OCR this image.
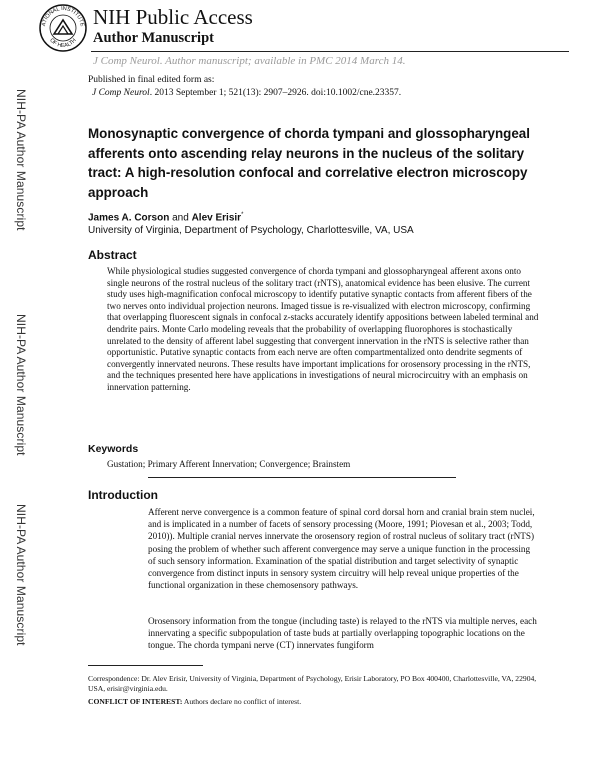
ATIONAL INSTITUTE
OF HEALTH
NIH Public Access
Author Manuscript
J Comp Neurol. Author manuscript; available in PMC 2014 March 14.
Published in final edited form as:
J Comp Neurol. 2013 September 1; 521(13): 2907–2926. doi:10.1002/cne.23357.
NIH-PA Author Manuscript
NIH-PA Author Manuscript
NIH-PA Author Manuscript
Monosynaptic convergence of chorda tympani and glossopharyngeal afferents onto ascending relay neurons in the nucleus of the solitary tract: A high-resolution confocal and correlative electron microscopy approach
James A. Corson and Alev Erisir*
University of Virginia, Department of Psychology, Charlottesville, VA, USA
Abstract
While physiological studies suggested convergence of chorda tympani and glossopharyngeal afferent axons onto single neurons of the rostral nucleus of the solitary tract (rNTS), anatomical evidence has been elusive. The current study uses high-magnification confocal microscopy to identify putative synaptic contacts from afferent fibers of the two nerves onto individual projection neurons. Imaged tissue is re-visualized with electron microscopy, confirming that overlapping fluorescent signals in confocal z-stacks accurately identify appositions between labeled terminal and dendrite pairs. Monte Carlo modeling reveals that the probability of overlapping fluorophores is stochastically unrelated to the density of afferent label suggesting that convergent innervation in the rNTS is selective rather than opportunistic. Putative synaptic contacts from each nerve are often compartmentalized onto dendrite segments of convergently innervated neurons. These results have important implications for orosensory processing in the rNTS, and the techniques presented here have applications in investigations of neural microcircuitry with an emphasis on innervation patterning.
Keywords
Gustation; Primary Afferent Innervation; Convergence; Brainstem
Introduction
Afferent nerve convergence is a common feature of spinal cord dorsal horn and cranial brain stem nuclei, and is implicated in a number of facets of sensory processing (Moore, 1991; Piovesan et al., 2003; Todd, 2010)). Multiple cranial nerves innervate the orosensory region of rostral nucleus of solitary tract (rNTS) posing the problem of whether such afferent convergence may serve a unique function in the processing of such sensory information. Examination of the spatial distribution and target selectivity of synaptic convergence from distinct inputs in sensory system circuitry will help reveal unique properties of the functional organization in these chemosensory pathways.
Orosensory information from the tongue (including taste) is relayed to the rNTS via multiple nerves, each innervating a specific subpopulation of taste buds at partially overlapping topographic locations on the tongue. The chorda tympani nerve (CT) innervates fungiform
Correspondence: Dr. Alev Erisir, University of Virginia, Department of Psychology, Erisir Laboratory, PO Box 400400, Charlottesville, VA, 22904, USA, erisir@virginia.edu.
CONFLICT OF INTEREST: Authors declare no conflict of interest.
